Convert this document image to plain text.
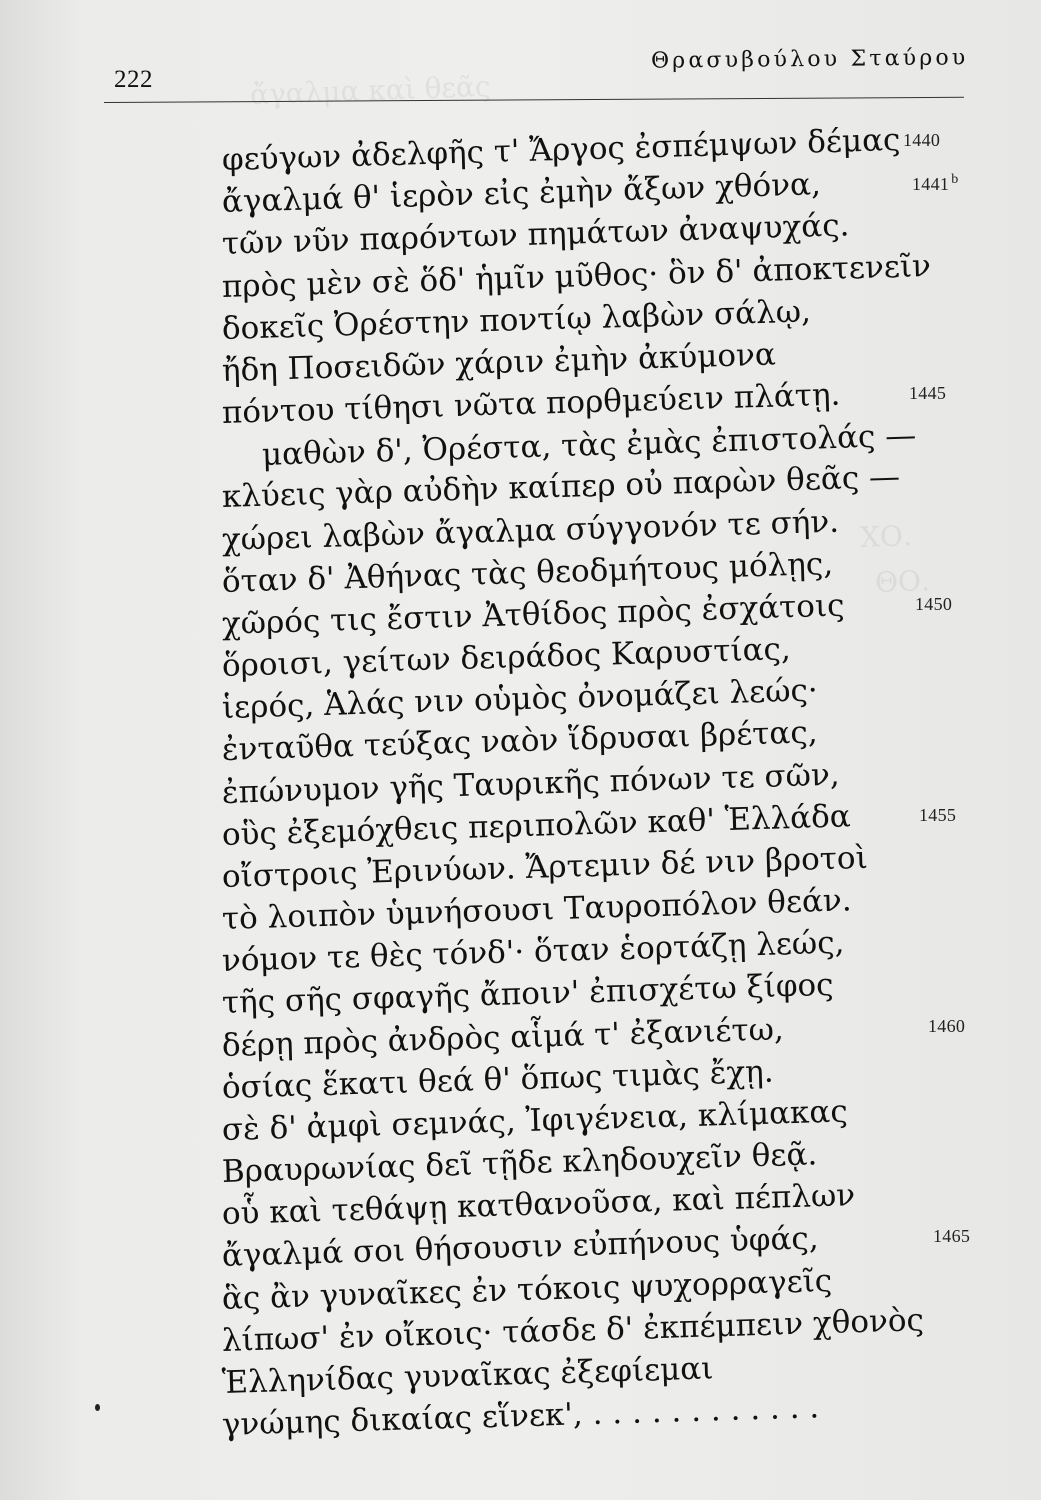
ἄγαλμα καὶ θεᾶς
ΧΟ.
ΘΟ.
222
Θρασυβούλου Σταύρου
φεύγων ἀδελφῆς τ' Ἄργος ἐσπέμψων δέμας
ἄγαλμά θ' ἱερὸν εἰς ἐμὴν ἄξων χθόνα,
τῶν νῦν παρόντων πημάτων ἀναψυχάς.
πρὸς μὲν σὲ ὅδ' ἡμῖν μῦθος· ὃν δ' ἀποκτενεῖν
δοκεῖς Ὀρέστην ποντίῳ λαβὼν σάλῳ,
ἤδη Ποσειδῶν χάριν ἐμὴν ἀκύμονα
πόντου τίθησι νῶτα πορθμεύειν πλάτῃ.
μαθὼν δ', Ὀρέστα, τὰς ἐμὰς ἐπιστολάς —
κλύεις γὰρ αὐδὴν καίπερ οὐ παρὼν θεᾶς —
χώρει λαβὼν ἄγαλμα σύγγονόν τε σήν.
ὅταν δ' Ἀθήνας τὰς θεοδμήτους μόλῃς,
χῶρός τις ἔστιν Ἀτθίδος πρὸς ἐσχάτοις
ὅροισι, γείτων δειράδος Καρυστίας,
ἱερός, Ἁλάς νιν οὑμὸς ὀνομάζει λεώς·
ἐνταῦθα τεύξας ναὸν ἵδρυσαι βρέτας,
ἐπώνυμον γῆς Ταυρικῆς πόνων τε σῶν,
οὓς ἐξεμόχθεις περιπολῶν καθ' Ἑλλάδα
οἴστροις Ἐρινύων. Ἄρτεμιν δέ νιν βροτοὶ
τὸ λοιπὸν ὑμνήσουσι Ταυροπόλον θεάν.
νόμον τε θὲς τόνδ'· ὅταν ἑορτάζῃ λεώς,
τῆς σῆς σφαγῆς ἄποιν' ἐπισχέτω ξίφος
δέρῃ πρὸς ἀνδρὸς αἷμά τ' ἐξανιέτω,
ὁσίας ἕκατι θεά θ' ὅπως τιμὰς ἔχῃ.
σὲ δ' ἀμφὶ σεμνάς, Ἰφιγένεια, κλίμακας
Βραυρωνίας δεῖ τῇδε κληδουχεῖν θεᾷ.
οὗ καὶ τεθάψῃ κατθανοῦσα, καὶ πέπλων
ἄγαλμά σοι θήσουσιν εὐπήνους ὑφάς,
ἃς ἂν γυναῖκες ἐν τόκοις ψυχορραγεῖς
λίπωσ' ἐν οἴκοις· τάσδε δ' ἐκπέμπειν χθονὸς
Ἑλληνίδας γυναῖκας ἐξεφίεμαι
γνώμης δικαίας εἵνεκ', . . . . . . . . . . . .
1440
1441 $^b$
1445
1450
1455
1460
1465
